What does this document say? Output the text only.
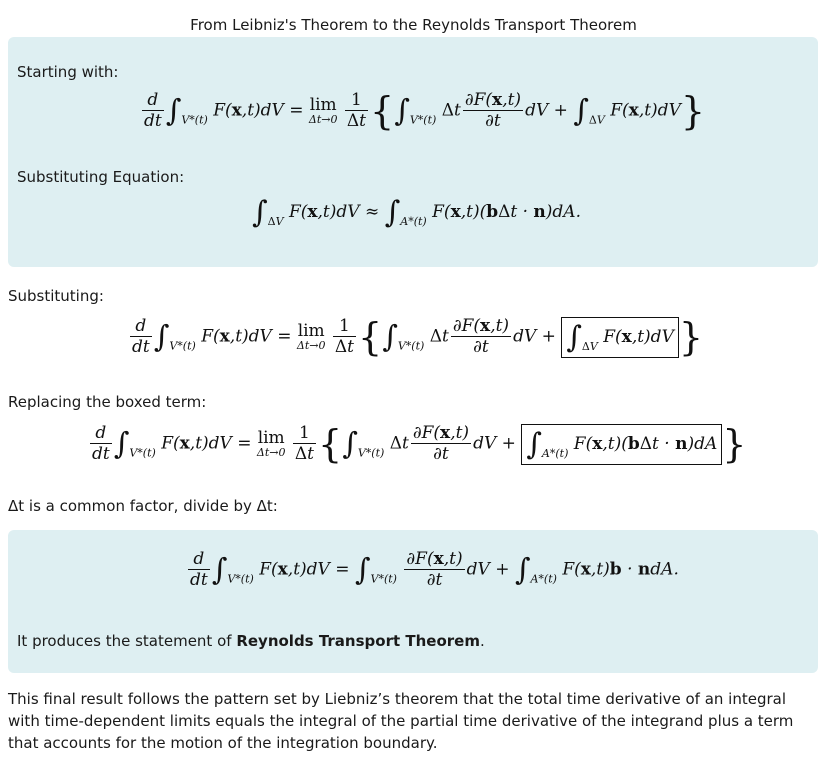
From Leibniz's Theorem to the Reynolds Transport Theorem
Starting with:
$\frac{d}{dt} \int_{V*(t)}$ F(x,t)dV = lim
Δt→0
$\frac{1}{\Delta t} \{\int_{V*(t)}$ Δt $\frac{\partial F(x,t)}{\partial t}$ dV + $\int_{\Delta V}$ F(x,t)dV}
Substituting Equation:
$\int_{\Delta V}$ $F(x,t)dV \approx \int_{A*(t)}$ F(x,t)(bΔt · n)dA.
Substituting:
$\frac{d}{dt} \int_{V*(t)}$ F(x,t)dV = lim
Δt→0
$\frac{1}{\Delta t} \{\int_{V*(t)}$ Δt $\frac{\partial F(x,t)}{\partial t}$ dV + $\int_{\Delta V}$ F(x,t)dV }
Replacing the boxed term:
$\frac{d}{dt} \int_{V*(t)}$ F(x,t)dV = lim
Δt→0
$\frac{1}{\Delta t} \{\int_{V*(t)}$ Δt $\frac{\partial F(x,t)}{\partial t}$ dV + $\int_{A*(t)}$ F(x,t)(bΔt · n)dA }
Δt is a common factor, divide by Δt:
$\frac{d}{dt} \int_{V*(t)}$ $F(x,t)dV = \int_{V*(t)} \frac{\partial F(x,t)}{\partial t}$ dV + $\int_{A*(t)}$ F(x,t)b · ndA.
It produces the statement of Reynolds Transport Theorem.
This final result follows the pattern set by Liebniz’s theorem that the total time derivative of an integral with time-dependent limits equals the integral of the partial time derivative of the integrand plus a term that accounts for the motion of the integration boundary.
